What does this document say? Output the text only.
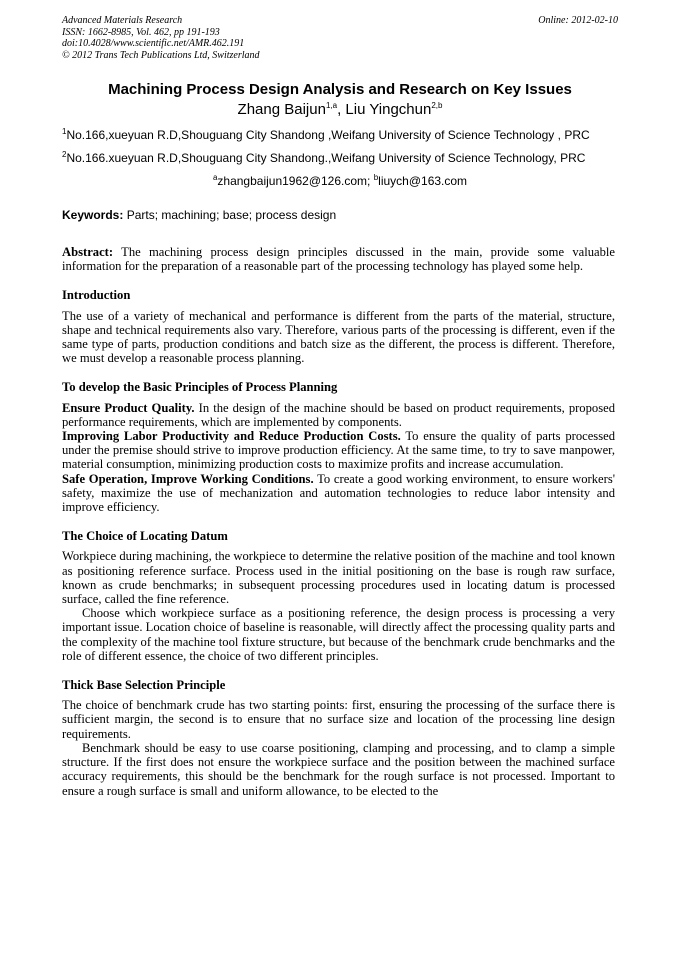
Advanced Materials Research
ISSN: 1662-8985, Vol. 462, pp 191-193
doi:10.4028/www.scientific.net/AMR.462.191
© 2012 Trans Tech Publications Ltd, Switzerland
Online: 2012-02-10
Machining Process Design Analysis and Research on Key Issues
Zhang Baijun$^{1,a}$, Liu Yingchun$^{2,b}$
$^1$No.166,xueyuan R.D,Shouguang City Shandong ,Weifang University of Science Technology , PRC
$^2$No.166.xueyuan R.D,Shouguang City Shandong.,Weifang University of Science Technology, PRC
$^a$zhangbaijun1962@126.com; $^b$liuych@163.com
Keywords: Parts; machining; base; process design

Abstract: The machining process design principles discussed in the main, provide some valuable information for the preparation of a reasonable part of the processing technology has played some help.

Introduction

The use of a variety of mechanical and performance is different from the parts of the material, structure, shape and technical requirements also vary. Therefore, various parts of the processing is different, even if the same type of parts, production conditions and batch size as the different, the process is different. Therefore, we must develop a reasonable process planning.

To develop the Basic Principles of Process Planning

Ensure Product Quality. In the design of the machine should be based on product requirements, proposed performance requirements, which are implemented by components.

Improving Labor Productivity and Reduce Production Costs. To ensure the quality of parts processed under the premise should strive to improve production efficiency. At the same time, to try to save manpower, material consumption, minimizing production costs to maximize profits and increase accumulation.

Safe Operation, Improve Working Conditions. To create a good working environment, to ensure workers' safety, maximize the use of mechanization and automation technologies to reduce labor intensity and improve efficiency.

The Choice of Locating Datum

Workpiece during machining, the workpiece to determine the relative position of the machine and tool known as positioning reference surface. Process used in the initial positioning on the base is rough raw surface, known as crude benchmarks; in subsequent processing procedures used in locating datum is processed surface, called the fine reference.

Choose which workpiece surface as a positioning reference, the design process is processing a very important issue. Location choice of baseline is reasonable, will directly affect the processing quality parts and the complexity of the machine tool fixture structure, but because of the benchmark crude benchmarks and the role of different essence, the choice of two different principles.

Thick Base Selection Principle

The choice of benchmark crude has two starting points: first, ensuring the processing of the surface there is sufficient margin, the second is to ensure that no surface size and location of the processing line design requirements.

Benchmark should be easy to use coarse positioning, clamping and processing, and to clamp a simple structure. If the first does not ensure the workpiece surface and the position between the machined surface accuracy requirements, this should be the benchmark for the rough surface is not processed. Important to ensure a rough surface is small and uniform allowance, to be elected to the
